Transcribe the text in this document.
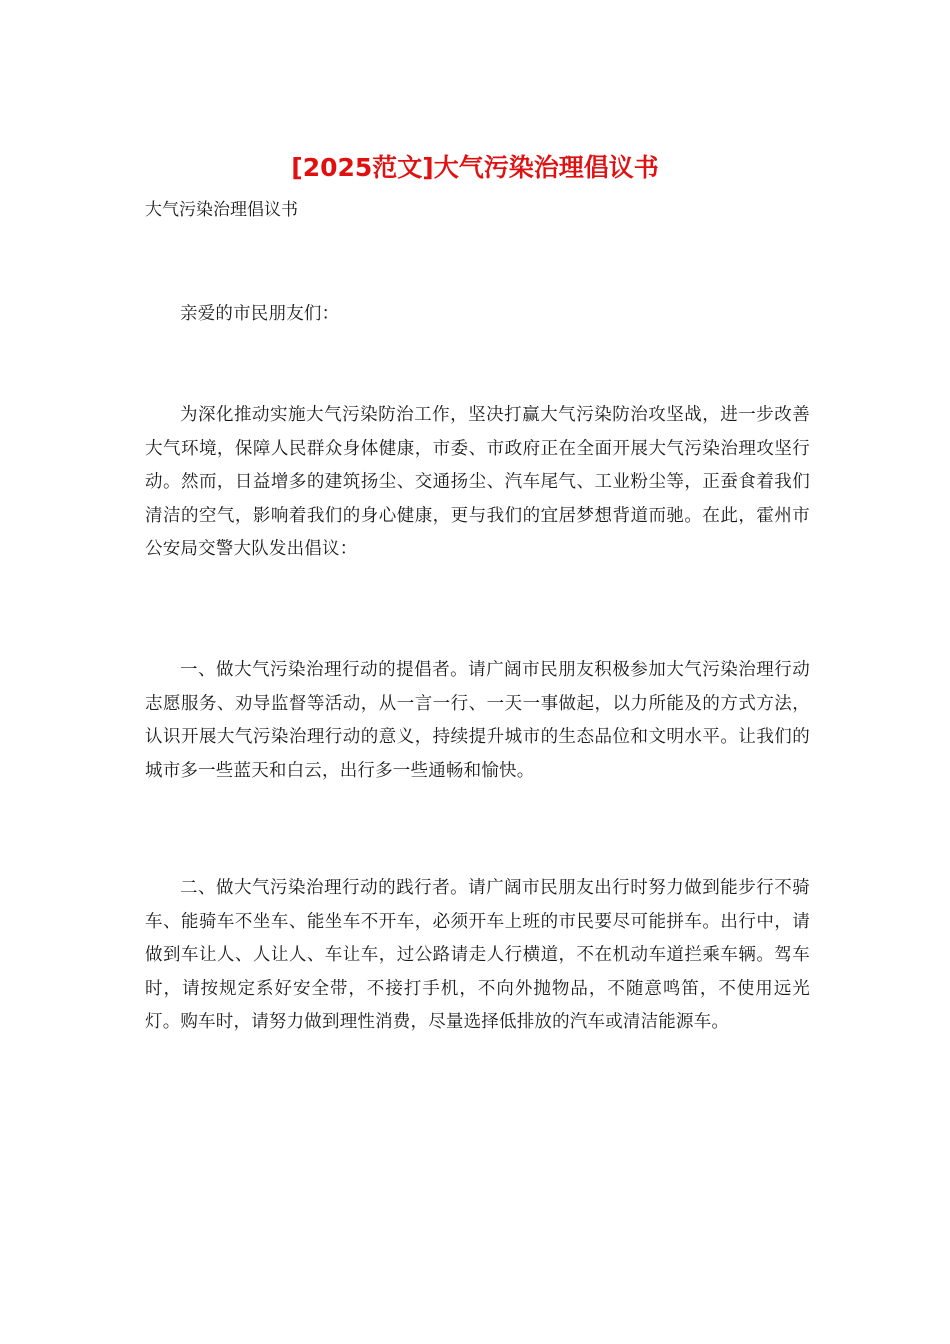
[2025范文]大气污染治理倡议书

大气污染治理倡议书

亲爱的市民朋友们：

为深化推动实施大气污染防治工作，坚决打赢大气污染防治攻坚战，进一步改善大气环境，保障人民群众身体健康，市委、市政府正在全面开展大气污染治理攻坚行动。然而，日益增多的建筑扬尘、交通扬尘、汽车尾气、工业粉尘等，正蚕食着我们清洁的空气，影响着我们的身心健康，更与我们的宜居梦想背道而驰。在此，霍州市公安局交警大队发出倡议：

一、做大气污染治理行动的提倡者。请广阔市民朋友积极参加大气污染治理行动志愿服务、劝导监督等活动，从一言一行、一天一事做起，以力所能及的方式方法，认识开展大气污染治理行动的意义，持续提升城市的生态品位和文明水平。让我们的城市多一些蓝天和白云，出行多一些通畅和愉快。

二、做大气污染治理行动的践行者。请广阔市民朋友出行时努力做到能步行不骑车、能骑车不坐车、能坐车不开车，必须开车上班的市民要尽可能拼车。出行中，请做到车让人、人让人、车让车，过公路请走人行横道，不在机动车道拦乘车辆。驾车时，请按规定系好安全带，不接打手机，不向外抛物品，不随意鸣笛，不使用远光灯。购车时，请努力做到理性消费，尽量选择低排放的汽车或清洁能源车。
